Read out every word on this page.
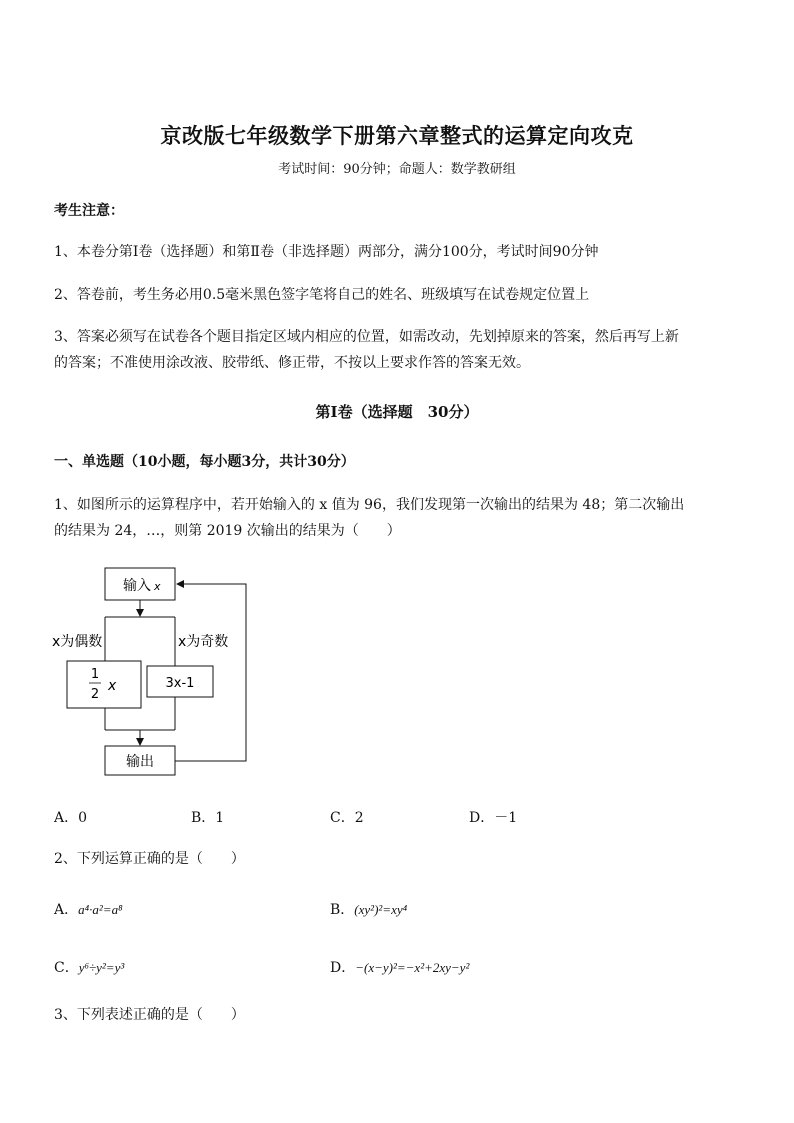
京改版七年级数学下册第六章整式的运算定向攻克
考试时间：90分钟；命题人：数学教研组
考生注意：
1、本卷分第Ⅰ卷（选择题）和第Ⅱ卷（非选择题）两部分，满分100分，考试时间90分钟
2、答卷前，考生务必用0.5毫米黑色签字笔将自己的姓名、班级填写在试卷规定位置上
3、答案必须写在试卷各个题目指定区域内相应的位置，如需改动，先划掉原来的答案，然后再写上新
的答案；不准使用涂改液、胶带纸、修正带，不按以上要求作答的答案无效。
第Ⅰ卷（选择题　30分）
一、单选题（10小题，每小题3分，共计30分）
1、如图所示的运算程序中，若开始输入的 x 值为 96，我们发现第一次输出的结果为 48；第二次输出
的结果为 24，…，则第 2019 次输出的结果为（　　）
输入 x
x为偶数	x为奇数
1
2
x	3x-1
输出
A．0	B．1	C．2	D．－1
2、下列运算正确的是（　　）
A．a⁴·a²=a⁸	B．(xy²)²=xy⁴
C．y⁶÷y²=y³	D．−(x−y)²=−x²+2xy−y²
3、下列表述正确的是（　　）
